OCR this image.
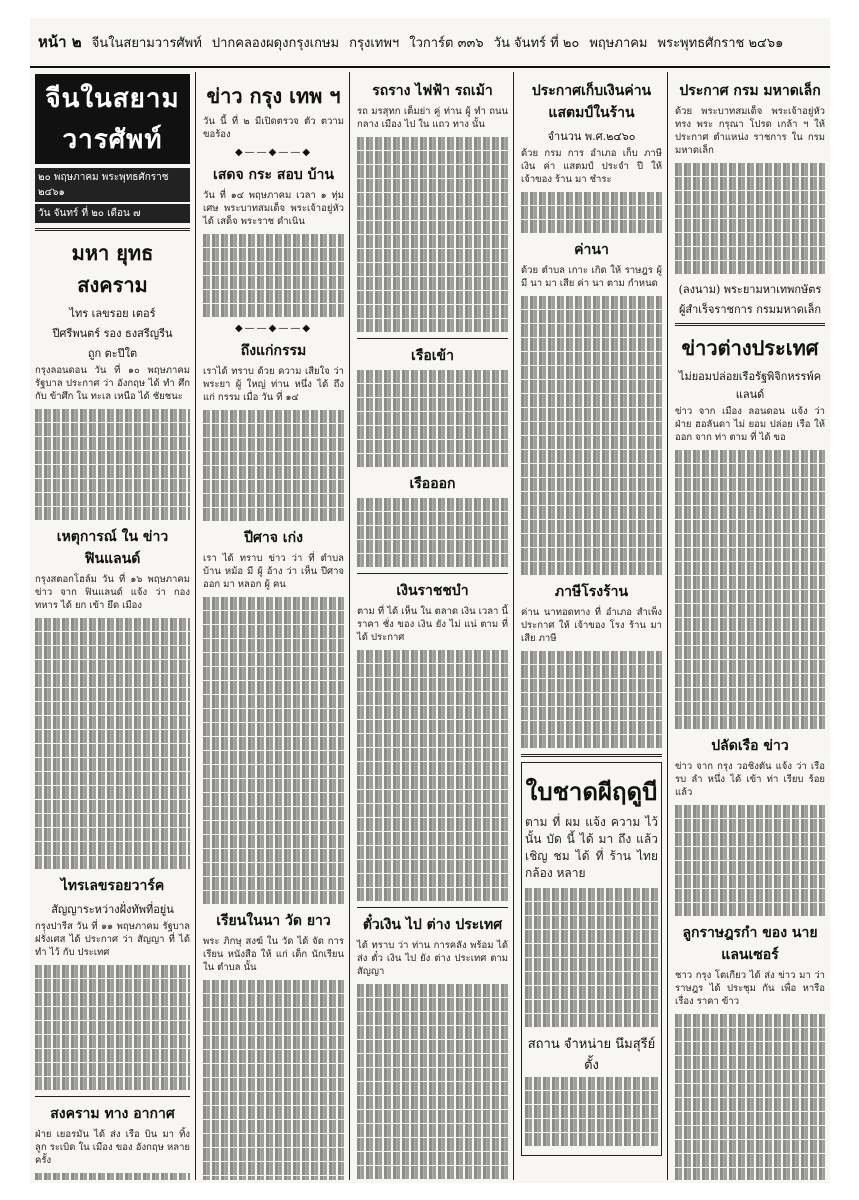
หน้า ๒ จีนในสยามวารศัพท์ ปากคลองผดุงกรุงเกษม กรุงเทพฯ ใวการ์ต ๓๓๖ วัน จันทร์ ที่ ๒๐ พฤษภาคม พระพุทธศักราช ๒๔๖๑
จีนในสยามวารศัพท์
๒๐ พฤษภาคม พระพุทธศักราช ๒๔๖๑
วัน จันทร์ ที่ ๒๐ เดือน ๗
มหา ยุทธ สงคราม
ไทร เลขรอย เตอร์
ปีศรีพนตร์ รอง ธงสรีญรีน
ถูก ตะปีใต
กรุงลอนดอน วัน ที่ ๑๐ พฤษภาคม รัฐบาล ประกาศ ว่า อังกฤษ ได้ ทำ ศึก กับ ข้าศึก ใน ทะเล เหนือ ได้ ชัยชนะ
เหตุการณ์ ใน ข่าว ฟินแลนด์
กรุงสตอกโฮล์ม วัน ที่ ๑๖ พฤษภาคม ข่าว จาก ฟินแลนด์ แจ้ง ว่า กอง ทหาร ได้ ยก เข้า ยึด เมือง
ไทรเลขรอยวาร์ค
สัญญาระหว่างฝั่งทัพที่อยู่น
กรุงปารีส วัน ที่ ๑๑ พฤษภาคม รัฐบาล ฝรั่งเศส ได้ ประกาศ ว่า สัญญา ที่ ได้ ทำ ไว้ กับ ประเทศ
สงคราม ทาง อากาศ
ฝ่าย เยอรมัน ได้ ส่ง เรือ บิน มา ทิ้ง ลูก ระเบิด ใน เมือง ของ อังกฤษ หลาย ครั้ง
ข่าว กรุง เทพ ฯ
วัน นี้ ที่ ๒ มีเปิดตรวจ ตัว ตวาม ขอร้อง
◆——◆——◆
เสดจ กระ สอบ บ้าน
วัน ที่ ๑๔ พฤษภาคม เวลา ๑ ทุ่ม เศษ พระบาทสมเด็จ พระเจ้าอยู่หัว ได้ เสด็จ พระราช ดำเนิน
◆——◆——◆
ถึงแก่กรรม
เราได้ ทราบ ด้วย ความ เสียใจ ว่า พระยา ผู้ ใหญ่ ท่าน หนึ่ง ได้ ถึง แก่ กรรม เมื่อ วัน ที่ ๑๔
ปีศาจ เก่ง
เรา ได้ ทราบ ข่าว ว่า ที่ ตำบล บ้าน หม้อ มี ผู้ อ้าง ว่า เห็น ปีศาจ ออก มา หลอก ผู้ คน
เรียนในนา วัด ยาว
พระ ภิกษุ สงฆ์ ใน วัด ได้ จัด การ เรียน หนังสือ ให้ แก่ เด็ก นักเรียน ใน ตำบล นั้น
รถราง ไฟฟ้า รถเม้า
รถ มรสุทก เต็มย่า คู่ ท่าน ผู้ ทำ ถนน กลาง เมือง ไป ใน แถว ทาง นั้น
เรือเข้า
เรือออก
เงินราชชบำ
ตาม ที่ ได้ เห็น ใน ตลาด เงิน เวลา นี้ ราคา ชั่ง ของ เงิน ยัง ไม่ แน่ ตาม ที่ ได้ ประกาศ
ตั๋วเงิน ไป ต่าง ประเทศ
ได้ ทราบ ว่า ท่าน การคลัง พร้อม ได้ ส่ง ตั๋ว เงิน ไป ยัง ต่าง ประเทศ ตาม สัญญา
ประกาศเก็บเงินค่าน แสตมป์ในร้าน
จำนวน พ.ศ.๒๔๖๐
ด้วย กรม การ อำเภอ เก็บ ภาษี เงิน ค่า แสตมป์ ประจำ ปี ให้ เจ้าของ ร้าน มา ชำระ
ค่านา
ด้วย ตำบล เกาะ เกิด ให้ ราษฎร ผู้ มี นา มา เสีย ค่า นา ตาม กำหนด
ภาษีโรงร้าน
ค่าน นาทอดทาง ที่ อำเภอ สำเพ็ง ประกาศ ให้ เจ้าของ โรง ร้าน มา เสีย ภาษี
ใบชาดผีฤดูบี
ตาม ที่ ผม แจ้ง ความ ไว้ นั้น บัด นี้ ได้ มา ถึง แล้ว เชิญ ชม ได้ ที่ ร้าน ไทย กล้อง หลาย
สถาน จำหน่าย นึมสุรีย์ ตั้ง
ประกาศ กรม มหาดเล็ก
ด้วย พระบาทสมเด็จ พระเจ้าอยู่หัว ทรง พระ กรุณา โปรด เกล้า ฯ ให้ ประกาศ ตำแหน่ง ราชการ ใน กรม มหาดเล็ก
(ลงนาม) พระยามหาเทพกษัตร
ผู้สำเร็จราชการ กรมมหาดเล็ก
ข่าวต่างประเทศ
ไม่ยอมปล่อยเรือรัฐพิจิกหรรพ์คแลนด์
ข่าว จาก เมือง ลอนดอน แจ้ง ว่า ฝ่าย ฮอลันดา ไม่ ยอม ปล่อย เรือ ให้ ออก จาก ท่า ตาม ที่ ได้ ขอ
ปลัดเรือ ข่าว
ข่าว จาก กรุง วอชิงตัน แจ้ง ว่า เรือ รบ ลำ หนึ่ง ได้ เข้า ท่า เรียบ ร้อย แล้ว
ลูกราษฎรกำ ของ นาย แลนเซอร์
ชาว กรุง โตเกียว ได้ ส่ง ข่าว มา ว่า ราษฎร ได้ ประชุม กัน เพื่อ หารือ เรื่อง ราคา ข้าว
